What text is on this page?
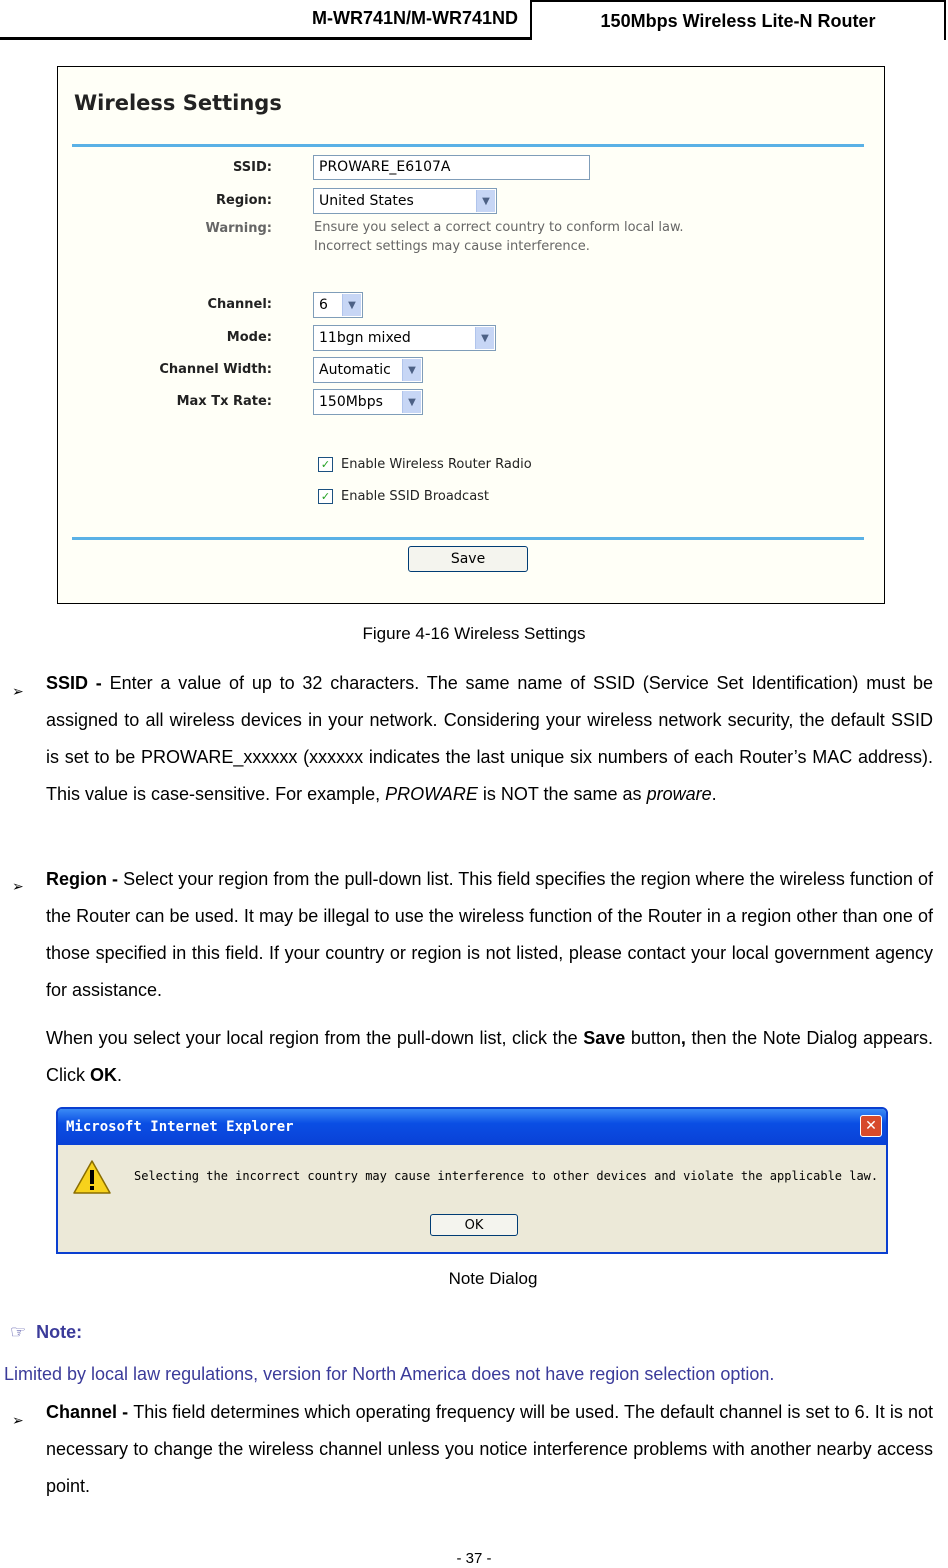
M-WR741N/M-WR741ND	150Mbps Wireless Lite-N Router
Wireless Settings
SSID:	PROWARE_E6107A
Region:	United States	▼
Warning:	Ensure you select a correct country to conform local law.
Incorrect settings may cause interference.
Channel:	6	▼
Mode:	11bgn mixed	▼
Channel Width:	Automatic	▼
Max Tx Rate:	150Mbps	▼
✓ Enable Wireless Router Radio
✓ Enable SSID Broadcast
Save
Figure 4-16 Wireless Settings
➢ SSID - Enter a value of up to 32 characters. The same name of SSID (Service Set Identification) must be assigned to all wireless devices in your network. Considering your wireless network security, the default SSID is set to be PROWARE_xxxxxx (xxxxxx indicates the last unique six numbers of each Router’s MAC address). This value is case-sensitive. For example, PROWARE is NOT the same as proware.
➢ Region - Select your region from the pull-down list. This field specifies the region where the wireless function of the Router can be used. It may be illegal to use the wireless function of the Router in a region other than one of those specified in this field. If your country or region is not listed, please contact your local government agency for assistance.
When you select your local region from the pull-down list, click the Save button, then the Note Dialog appears. Click OK.
Microsoft Internet Explorer	✕
Selecting the incorrect country may cause interference to other devices and violate the applicable law.
OK
Note Dialog
☞ Note:
Limited by local law regulations, version for North America does not have region selection option.
➢ Channel - This field determines which operating frequency will be used. The default channel is set to 6. It is not necessary to change the wireless channel unless you notice interference problems with another nearby access point.
- 37 -
